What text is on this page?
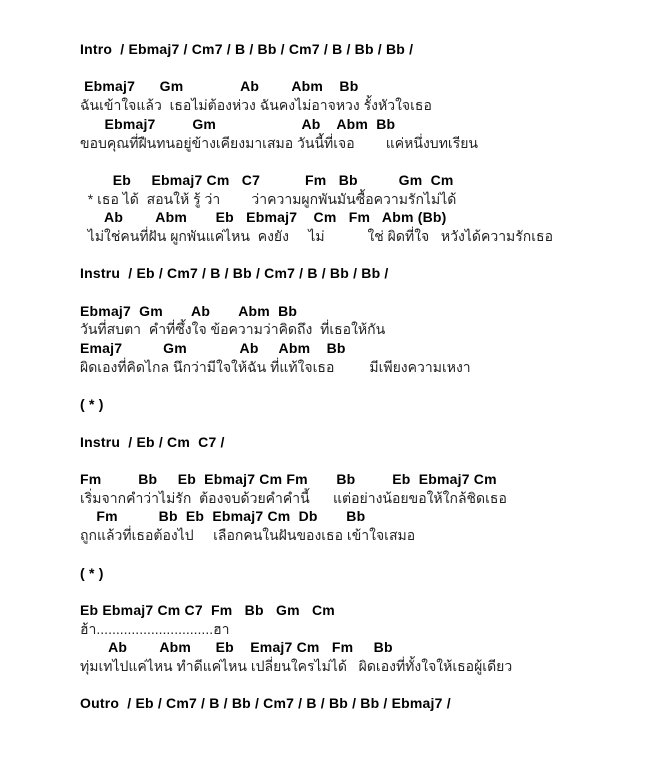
Intro  / Ebmaj7 / Cm7 / B / Bb / Cm7 / B / Bb / Bb /
Ebmaj7      Gm              Ab        Abm    Bb
ฉันเข้าใจแล้ว  เธอไม่ต้องห่วง ฉันคงไม่อาจหวง รั้งหัวใจเธอ
Ebmaj7         Gm                     Ab    Abm  Bb
ขอบคุณที่ฝืนทนอยู่ข้างเคียงมาเสมอ วันนี้ที่เจอ        แค่หนึ่งบทเรียน
Eb     Ebmaj7 Cm   C7           Fm   Bb          Gm  Cm
* เธอ ได้  สอนให้ รู้ ว่า        ว่าความผูกพันมันซื้อความรักไม่ได้
Ab        Abm       Eb   Ebmaj7    Cm   Fm   Abm (Bb)
ไม่ใช่คนที่ฝัน ผูกพันแค่ไหน  คงยัง     ไม่           ใช่ ผิดที่ใจ   หวังได้ความรักเธอ
Instru  / Eb / Cm7 / B / Bb / Cm7 / B / Bb / Bb /
Ebmaj7  Gm       Ab       Abm  Bb
วันที่สบตา  คำที่ซึ้งใจ ข้อความว่าคิดถึง  ที่เธอให้กัน
Emaj7          Gm             Ab     Abm    Bb
ผิดเองที่คิดไกล นึกว่ามีใจให้ฉัน ที่แท้ใจเธอ         มีเพียงความเหงา
( * )
Instru  / Eb / Cm  C7 /
Fm         Bb     Eb  Ebmaj7 Cm Fm       Bb         Eb  Ebmaj7 Cm
เริ่มจากคำว่าไม่รัก  ต้องจบด้วยคำคำนี้      แต่อย่างน้อยขอให้ใกล้ชิดเธอ
Fm          Bb  Eb  Ebmaj7 Cm  Db       Bb
ถูกแล้วที่เธอต้องไป     เลือกคนในฝันของเธอ เข้าใจเสมอ
( * )
Eb Ebmaj7 Cm C7  Fm   Bb   Gm   Cm
ฮ้า..............................ฮา
Ab        Abm      Eb    Emaj7 Cm   Fm     Bb
ทุ่มเทไปแค่ไหน ทำดีแค่ไหน เปลี่ยนใครไม่ได้   ผิดเองที่ทั้งใจให้เธอผู้เดียว
Outro  / Eb / Cm7 / B / Bb / Cm7 / B / Bb / Bb / Ebmaj7 /
